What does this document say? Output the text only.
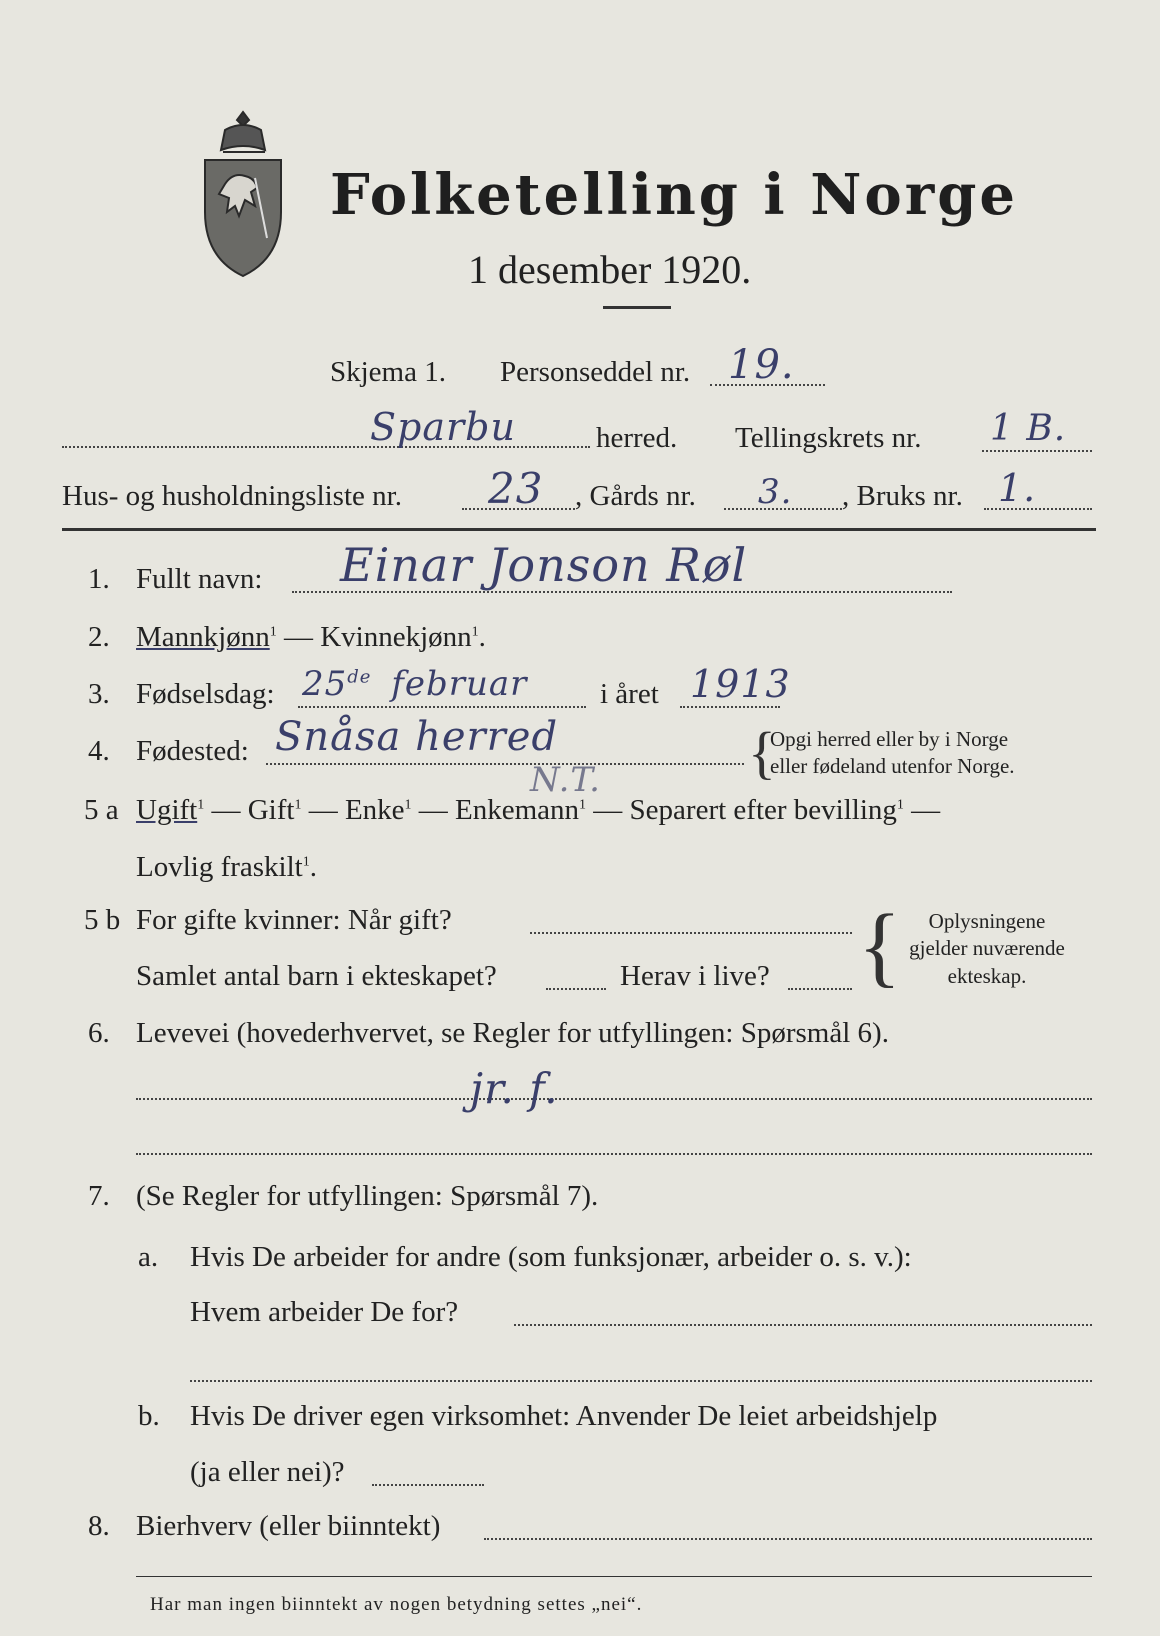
Folketelling i Norge
1 desember 1920.
Skjema 1. Personseddel nr. 19.
Sparbu	herred. Tellingskrets nr. 1 B.
Hus- og husholdningsliste nr. 23 , Gårds nr. 3. , Bruks nr. 1.
1. Fullt navn: Einar Jonson Røl
2. Mannkjønn$^1$ — Kvinnekjønn$^1$.
3. Fødselsdag: 25de februar	i året 1913
4. Fødested: Snåsa herred
N.T.	{
Opgi herred eller by i Norge
eller fødeland utenfor Norge.
5 a Ugift$^1$ — Gift$^1$ — Enke$^1$ — Enkemann$^1$ — Separert efter bevilling$^1$ —
Lovlig fraskilt$^1$.
5 b For gifte kvinner: Når gift?
Samlet antal barn i ekteskapet?	Herav i live? {	Oplysningene
gjelder nuværende
ekteskap.
6. Levevei (hovederhvervet, se Regler for utfyllingen: Spørsmål 6).
jr. f.
7. (Se Regler for utfyllingen: Spørsmål 7).
a. Hvis De arbeider for andre (som funksjonær, arbeider o. s. v.):
Hvem arbeider De for?
b. Hvis De driver egen virksomhet: Anvender De leiet arbeidshjelp
(ja eller nei)?
8. Bierhverv (eller biinntekt)
Har man ingen biinntekt av nogen betydning settes „nei“.
